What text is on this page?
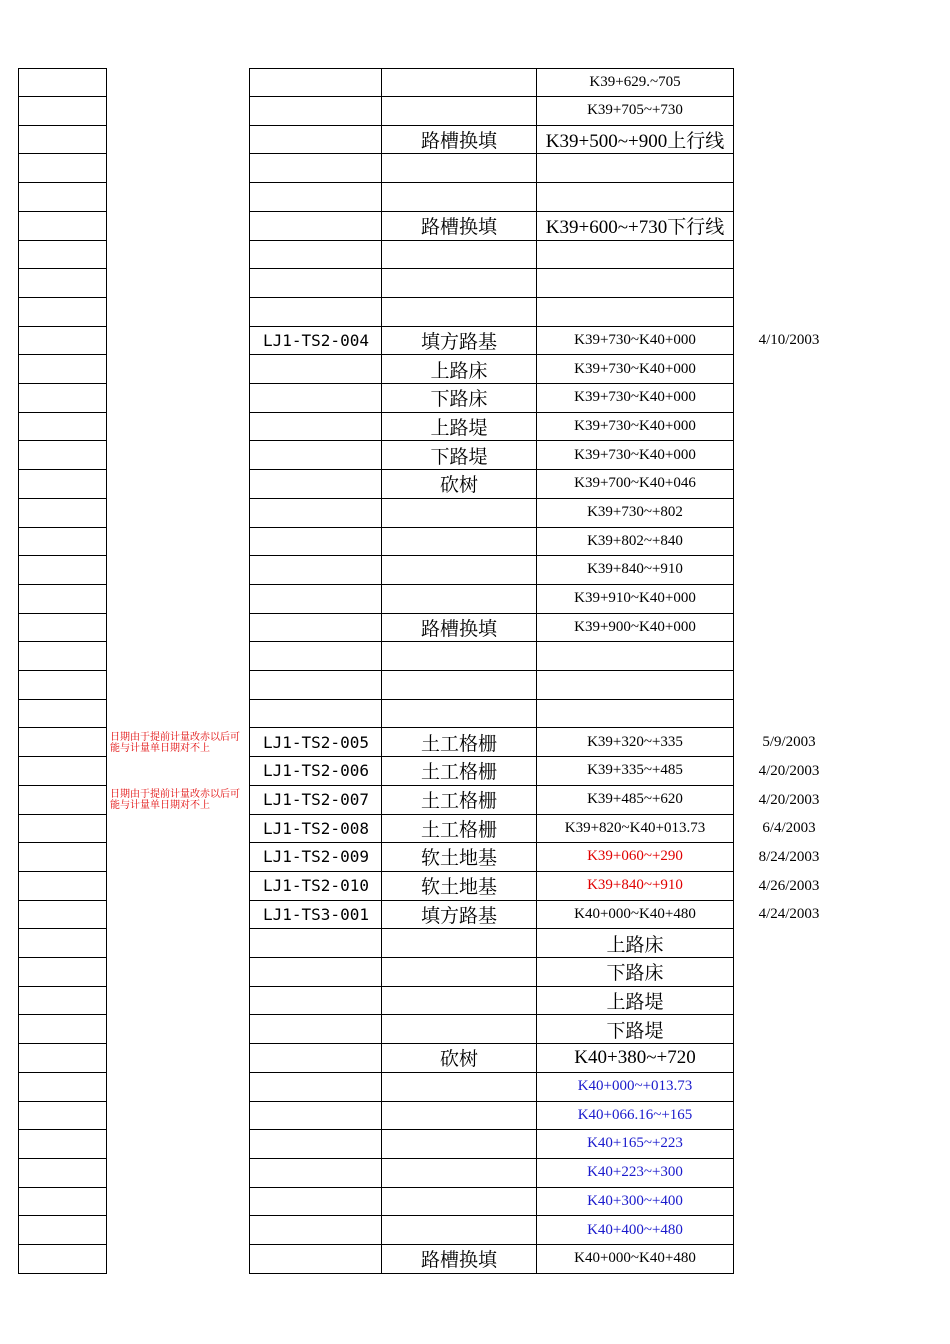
K39+629.~705
K39+705~+730
路槽换填	K39+500~+900上行线
路槽换填	K39+600~+730下行线
LJ1-TS2-004	填方路基	K39+730~K40+000	4/10/2003
上路床	K39+730~K40+000
下路床	K39+730~K40+000
上路堤	K39+730~K40+000
下路堤	K39+730~K40+000
砍树	K39+700~K40+046
K39+730~+802
K39+802~+840
K39+840~+910
K39+910~K40+000
路槽换填	K39+900~K40+000
日期由于提前计量改赤以后可能与计量单日期对不上	LJ1-TS2-005	土工格栅	K39+320~+335	5/9/2003
LJ1-TS2-006	土工格栅	K39+335~+485	4/20/2003
日期由于提前计量改赤以后可能与计量单日期对不上	LJ1-TS2-007	土工格栅	K39+485~+620	4/20/2003
LJ1-TS2-008	土工格栅	K39+820~K40+013.73	6/4/2003
LJ1-TS2-009	软土地基	K39+060~+290	8/24/2003
LJ1-TS2-010	软土地基	K39+840~+910	4/26/2003
LJ1-TS3-001	填方路基	K40+000~K40+480	4/24/2003
上路床
下路床
上路堤
下路堤
砍树	K40+380~+720
K40+000~+013.73
K40+066.16~+165
K40+165~+223
K40+223~+300
K40+300~+400
K40+400~+480
路槽换填	K40+000~K40+480
